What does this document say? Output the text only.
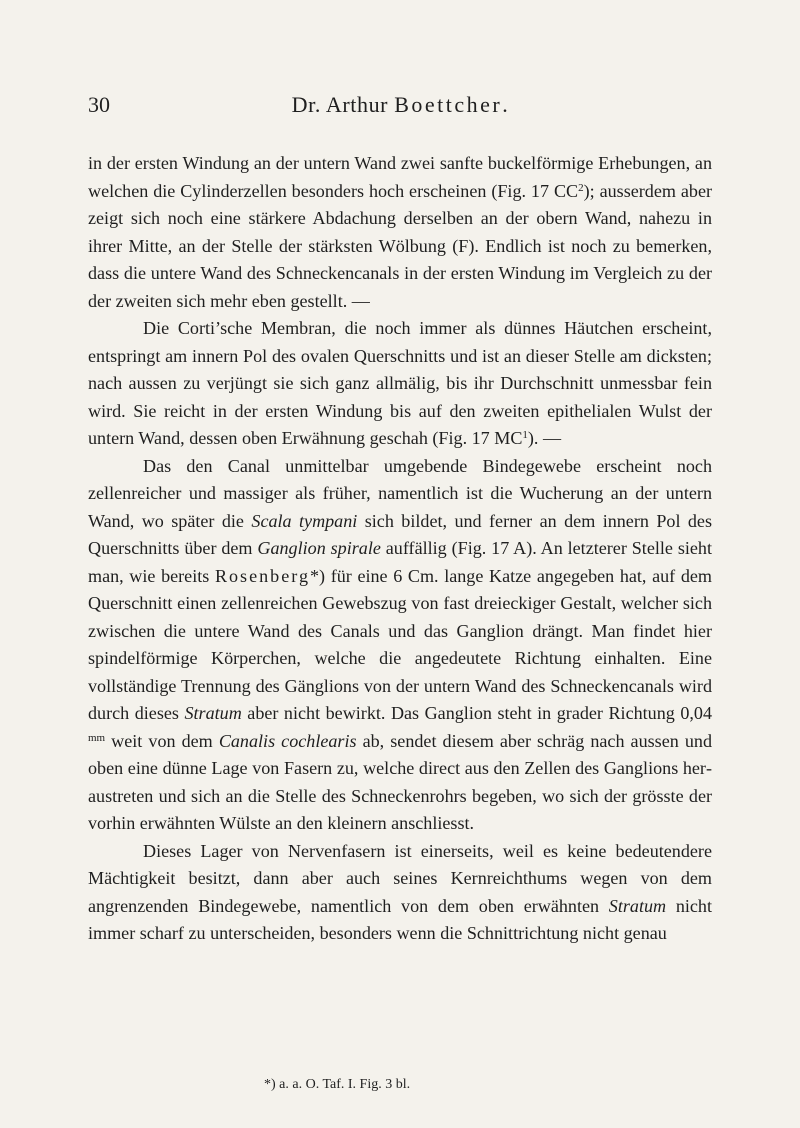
30	Dr. Arthur Boettcher.

in der ersten Windung an der untern Wand zwei sanfte buckelförmige Erhebungen, an welchen die Cylinderzellen besonders hoch erscheinen (Fig. 17 $CC^2$); ausserdem aber zeigt sich noch eine stärkere Abdachung derselben an der obern Wand, nahezu in ihrer Mitte, an der Stelle der stärksten Wölbung (F). Endlich ist noch zu bemerken, dass die untere Wand des Schneckencanals in der ersten Windung im Vergleich zu der der zweiten sich mehr eben gestellt. —

Die Corti’sche Membran, die noch immer als dünnes Häutchen erscheint, entspringt am innern Pol des ovalen Querschnitts und ist an dieser Stelle am dicksten; nach aussen zu verjüngt sie sich ganz allmälig, bis ihr Durchschnitt unmessbar fein wird. Sie reicht in der ersten Windung bis auf den zweiten epithelialen Wulst der untern Wand, dessen oben Erwähnung geschah (Fig. 17 $MC^1$). —

Das den Canal unmittelbar umgebende Bindegewebe erscheint noch zellenreicher und massiger als früher, namentlich ist die Wucherung an der untern Wand, wo später die Scala tympani sich bildet, und ferner an dem innern Pol des Querschnitts über dem Ganglion spirale auffällig (Fig. 17 A). An letzterer Stelle sieht man, wie bereits Rosenberg*) für eine 6 Cm. lange Katze angegeben hat, auf dem Querschnitt einen zellenreichen Gewebszug von fast dreieckiger Gestalt, welcher sich zwischen die untere Wand des Canals und das Ganglion drängt. Man findet hier spindelförmige Körperchen, welche die angedeutete Richtung einhalten. Eine vollständige Trennung des Gänglions von der untern Wand des Schneckencanals wird durch dieses Stratum aber nicht bewirkt. Das Ganglion steht in grader Richtung 0,04 $^{mm}$ weit von dem Canalis cochlearis ab, sendet diesem aber schräg nach aussen und oben eine dünne Lage von Fasern zu, welche direct aus den Zellen des Ganglions heraustreten und sich an die Stelle des Schneckenrohrs begeben, wo sich der grösste der vorhin erwähnten Wülste an den kleinern anschliesst.

Dieses Lager von Nervenfasern ist einerseits, weil es keine bedeutendere Mächtigkeit besitzt, dann aber auch seines Kernreichthums wegen von dem angrenzenden Bindegewebe, namentlich von dem oben erwähnten Stratum nicht immer scharf zu unterscheiden, besonders wenn die Schnittrichtung nicht genau

*) a. a. O. Taf. I. Fig. 3 bl.
